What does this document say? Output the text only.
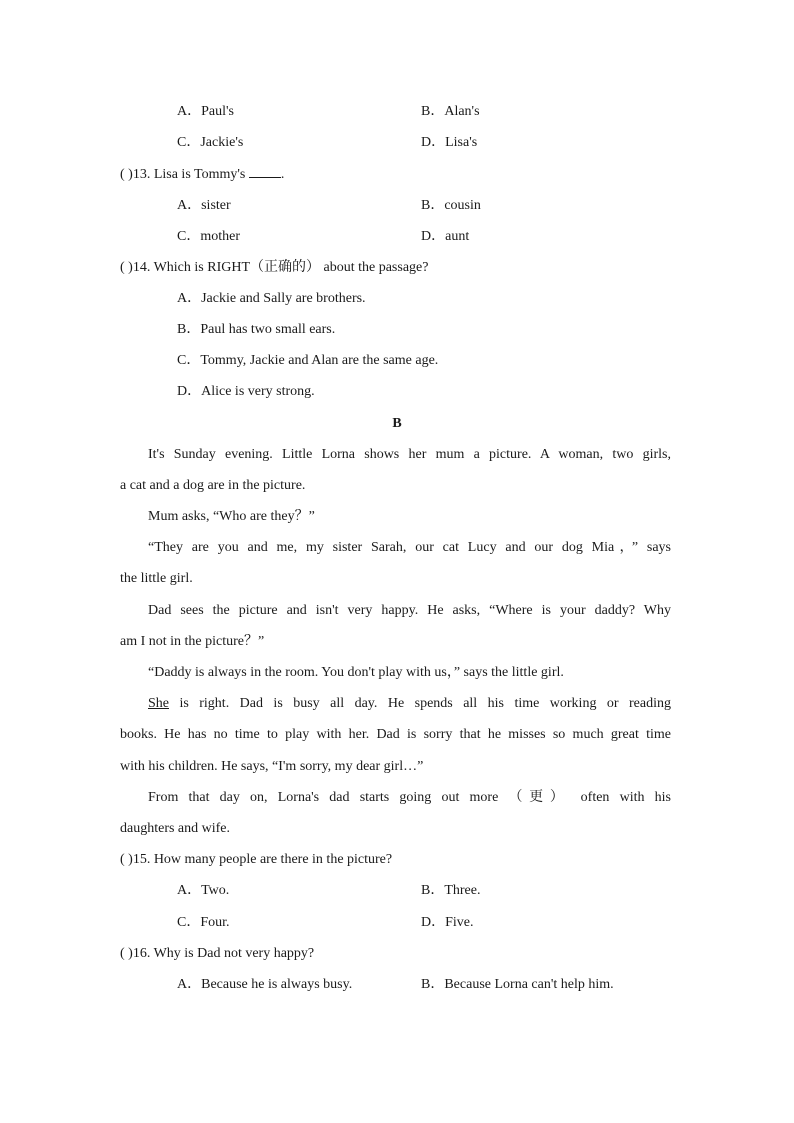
A．Paul's	B．Alan's
C．Jackie's	D．Lisa's
( )13. Lisa is Tommy's .
A．sister	B．cousin
C．mother	D．aunt
( )14. Which is RIGHT（正确的） about the passage?
A．Jackie and Sally are brothers.
B．Paul has two small ears.
C．Tommy, Jackie and Alan are the same age.
D．Alice is very strong.
B
It's Sunday evening. Little Lorna shows her mum a picture. A woman, two girls,
a cat and a dog are in the picture.
Mum asks, “Who are they？”
“They are you and me, my sister Sarah, our cat Lucy and our dog Mia，” says
the little girl.
Dad sees the picture and isn't very happy. He asks, “Where is your daddy? Why
am I not in the picture？”
“Daddy is always in the room. You don't play with us，” says the little girl.
She is right. Dad is busy all day. He spends all his time working or reading
books. He has no time to play with her. Dad is sorry that he misses so much great time
with his children. He says, “I'm sorry, my dear girl…”
From that day on, Lorna's dad starts going out more （更） often with his
daughters and wife.
( )15. How many people are there in the picture?
A．Two.	B．Three.
C．Four.	D．Five.
( )16. Why is Dad not very happy?
A．Because he is always busy.	B．Because Lorna can't help him.
